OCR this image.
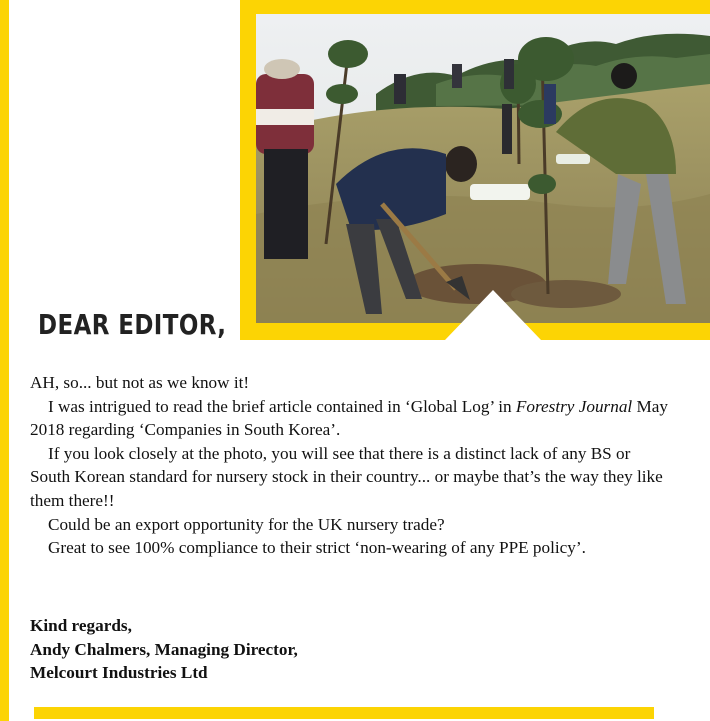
DEAR EDITOR,

AH, so... but not as we know it!

I was intrigued to read the brief article contained in ‘Global Log’ in Forestry Journal May 2018 regarding ‘Companies in South Korea’.

If you look closely at the photo, you will see that there is a distinct lack of any BS or South Korean standard for nursery stock in their country... or maybe that’s the way they like them there!!

Could be an export opportunity for the UK nursery trade?

Great to see 100% compliance to their strict ‘non-wearing of any PPE policy’.

Kind regards,
Andy Chalmers, Managing Director,
Melcourt Industries Ltd
